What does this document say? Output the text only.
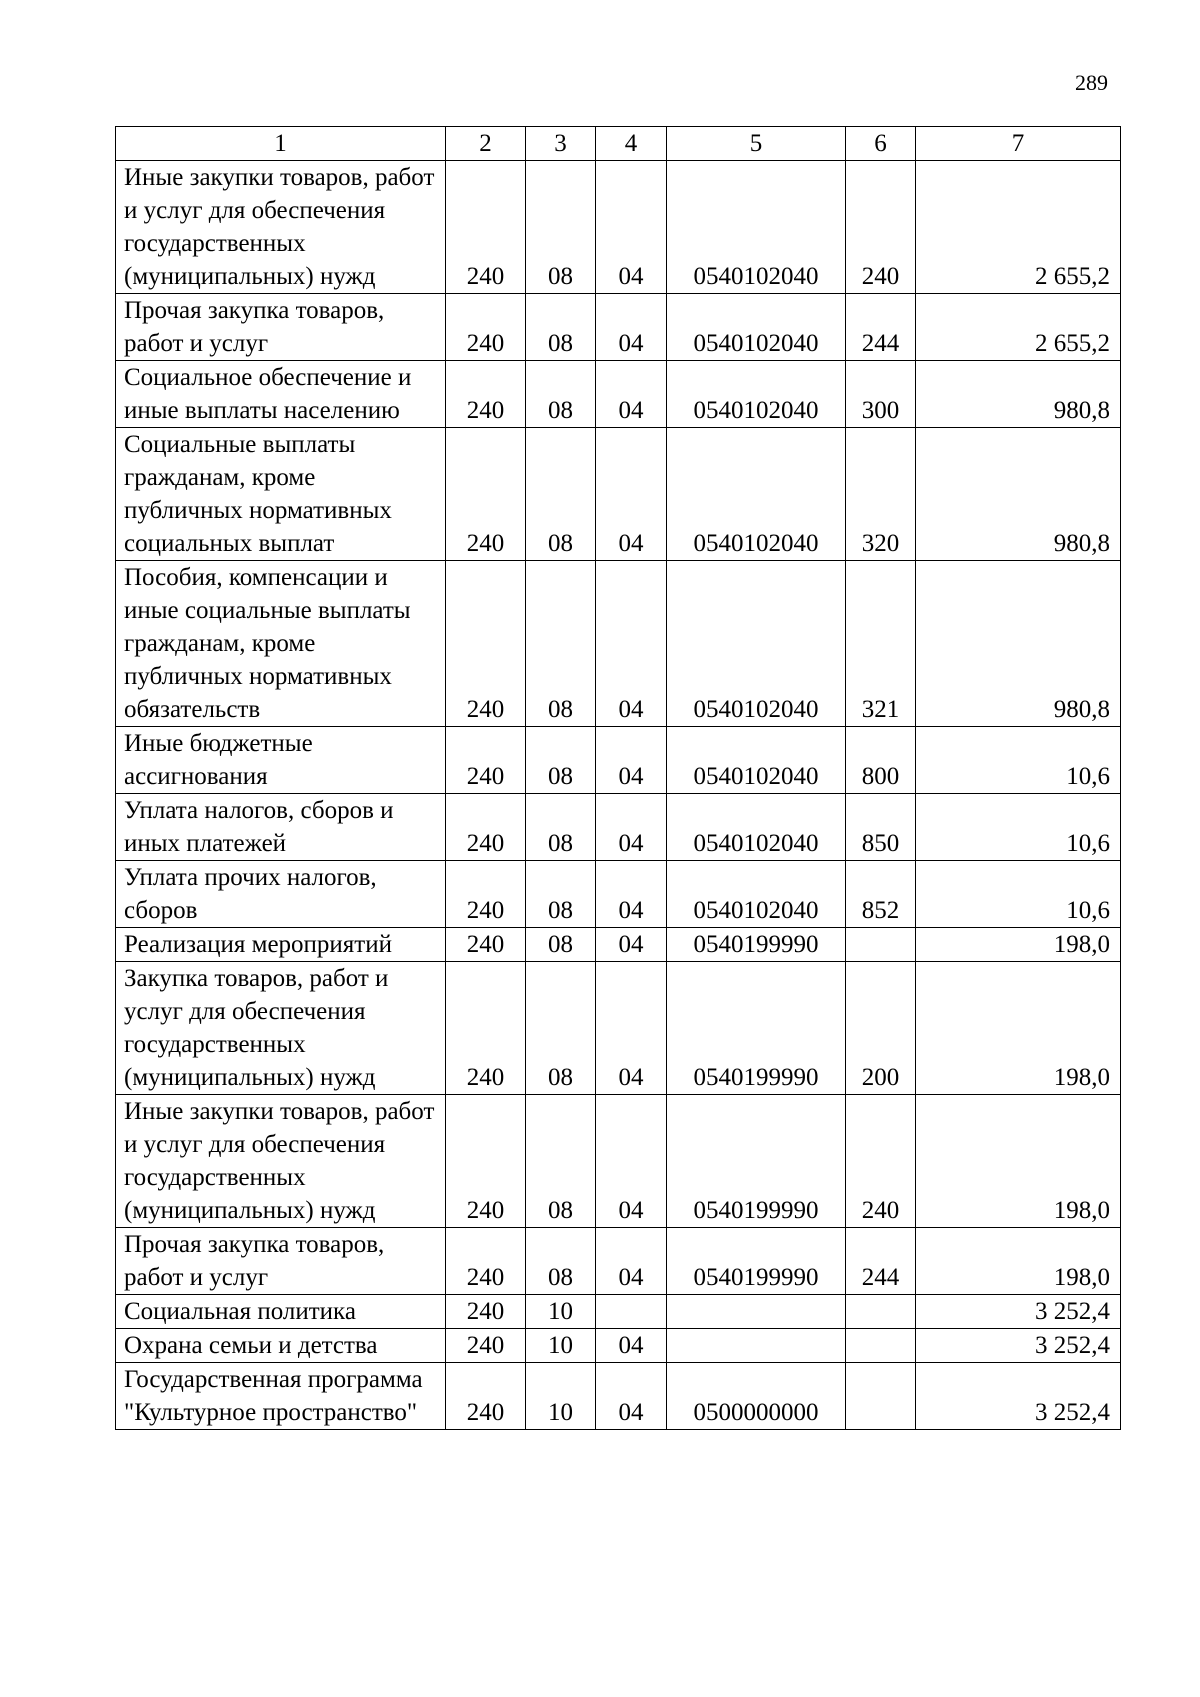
289
1	2	3	4	5	6	7
Иные закупки товаров, работ и услуг для обеспечения государственных (муниципальных) нужд	240	08	04	0540102040	240	2 655,2
Прочая закупка товаров, работ и услуг	240	08	04	0540102040	244	2 655,2
Социальное обеспечение и иные выплаты населению	240	08	04	0540102040	300	980,8
Социальные выплаты гражданам, кроме публичных нормативных социальных выплат	240	08	04	0540102040	320	980,8
Пособия, компенсации и иные социальные выплаты гражданам, кроме публичных нормативных обязательств	240	08	04	0540102040	321	980,8
Иные бюджетные ассигнования	240	08	04	0540102040	800	10,6
Уплата налогов, сборов и иных платежей	240	08	04	0540102040	850	10,6
Уплата прочих налогов, сборов	240	08	04	0540102040	852	10,6
Реализация мероприятий	240	08	04	0540199990		198,0
Закупка товаров, работ и услуг для обеспечения государственных (муниципальных) нужд	240	08	04	0540199990	200	198,0
Иные закупки товаров, работ и услуг для обеспечения государственных (муниципальных) нужд	240	08	04	0540199990	240	198,0
Прочая закупка товаров, работ и услуг	240	08	04	0540199990	244	198,0
Социальная политика	240	10				3 252,4
Охрана семьи и детства	240	10	04			3 252,4
Государственная программа "Культурное пространство"	240	10	04	0500000000		3 252,4
